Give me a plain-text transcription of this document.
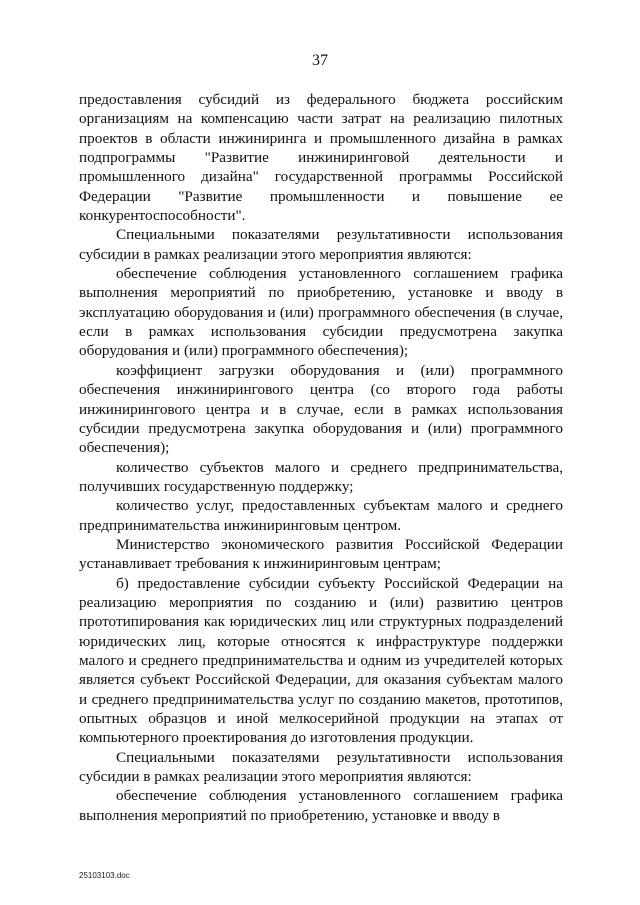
37

предоставления субсидий из федерального бюджета российским организациям на компенсацию части затрат на реализацию пилотных проектов в области инжиниринга и промышленного дизайна в рамках подпрограммы "Развитие инжиниринговой деятельности и промышленного дизайна" государственной программы Российской Федерации "Развитие промышленности и повышение ее конкурентоспособности".

Специальными показателями результативности использования субсидии в рамках реализации этого мероприятия являются:

обеспечение соблюдения установленного соглашением графика выполнения мероприятий по приобретению, установке и вводу в эксплуатацию оборудования и (или) программного обеспечения (в случае, если в рамках использования субсидии предусмотрена закупка оборудования и (или) программного обеспечения);

коэффициент загрузки оборудования и (или) программного обеспечения инжинирингового центра (со второго года работы инжинирингового центра и в случае, если в рамках использования субсидии предусмотрена закупка оборудования и (или) программного обеспечения);

количество субъектов малого и среднего предпринимательства, получивших государственную поддержку;

количество услуг, предоставленных субъектам малого и среднего предпринимательства инжиниринговым центром.

Министерство экономического развития Российской Федерации устанавливает требования к инжиниринговым центрам;

б) предоставление субсидии субъекту Российской Федерации на реализацию мероприятия по созданию и (или) развитию центров прототипирования как юридических лиц или структурных подразделений юридических лиц, которые относятся к инфраструктуре поддержки малого и среднего предпринимательства и одним из учредителей которых является субъект Российской Федерации, для оказания субъектам малого и среднего предпринимательства услуг по созданию макетов, прототипов, опытных образцов и иной мелкосерийной продукции на этапах от компьютерного проектирования до изготовления продукции.

Специальными показателями результативности использования субсидии в рамках реализации этого мероприятия являются:

обеспечение соблюдения установленного соглашением графика выполнения мероприятий по приобретению, установке и вводу в

25103103.doc
